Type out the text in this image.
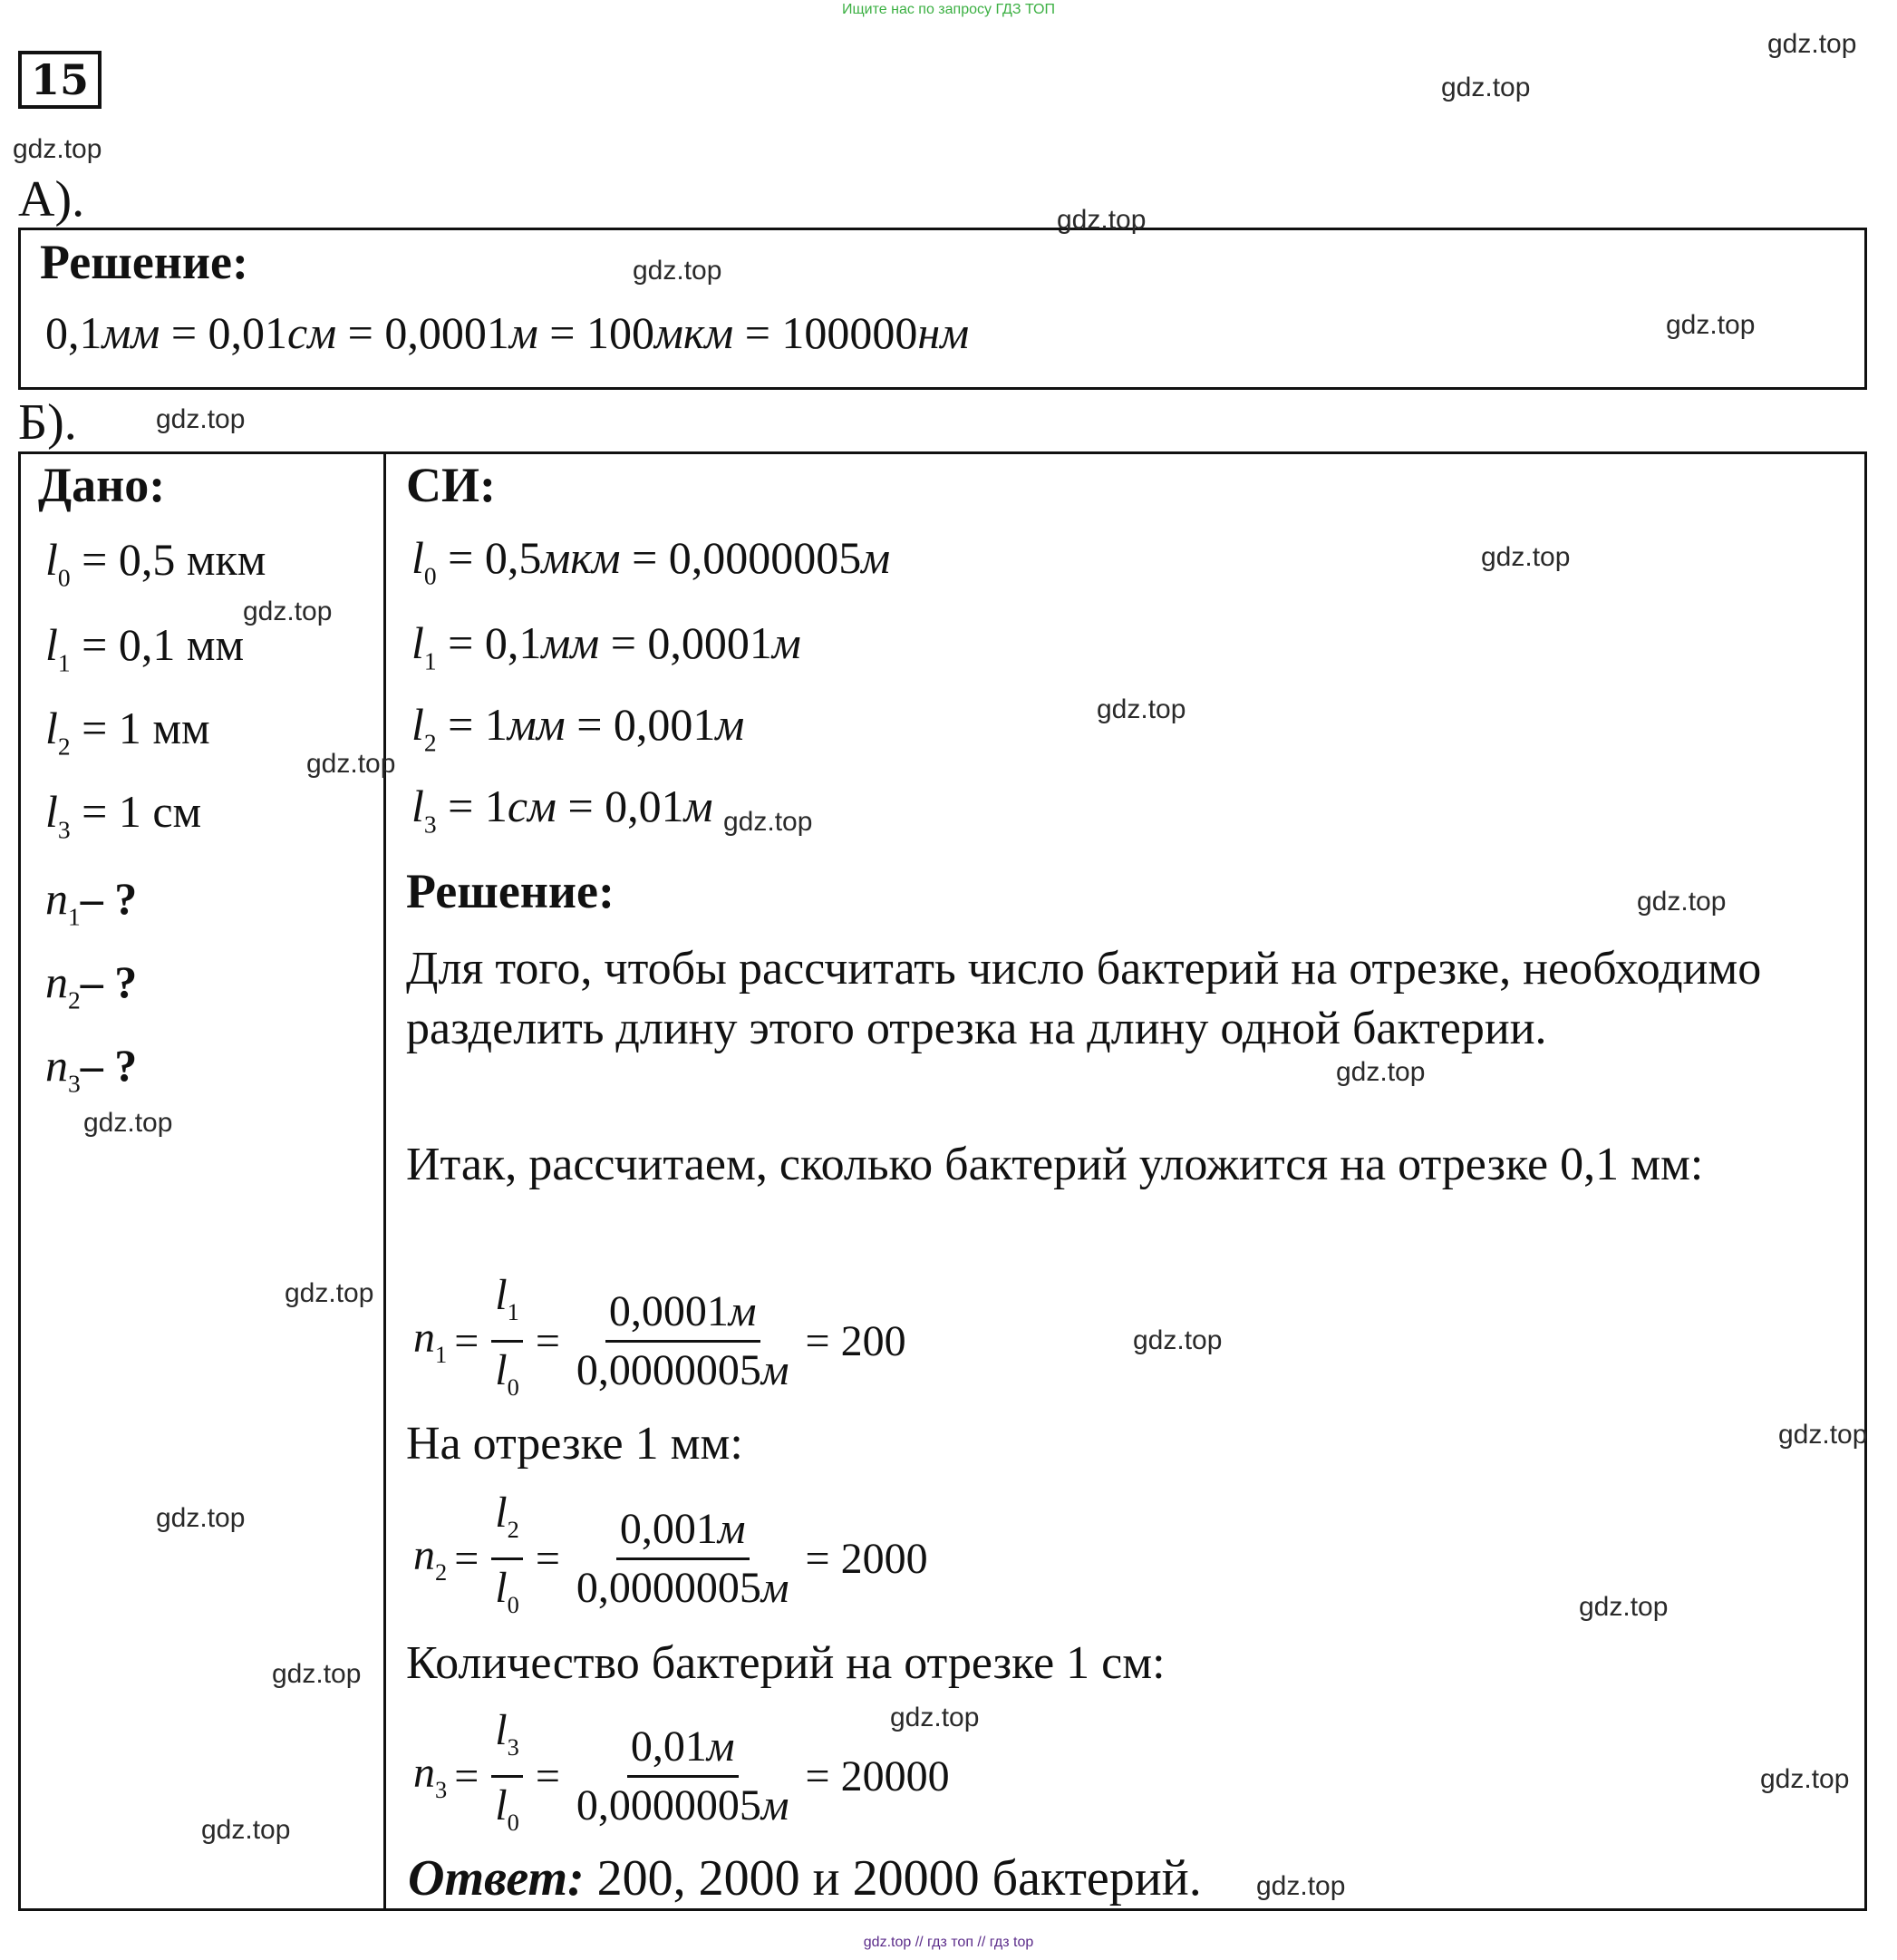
Ищите нас по запросу ГДЗ ТОП
15
А).
Решение:
0,1мм = 0,01см = 0,0001м = 100мкм = 100000нм
Б).
Дано:
$l_0 = 0,5$ мкм
$l_1 = 0,1$ мм
$l_2 = 1$ мм
$l_3 = 1$ см
$n_1-$ ?
$n_2-$ ?
$n_3-$ ?
СИ:
$l_0 = 0,5мкм = 0,0000005м$
$l_1 = 0,1мм = 0,0001м$
$l_2 = 1мм = 0,001м$
$l_3 = 1см = 0,01м$
Решение:
Для того, чтобы рассчитать число бактерий на отрезке, необходимо разделить длину этого отрезка на длину одной бактерии.
Итак, рассчитаем, сколько бактерий уложится на отрезке 0,1 мм:
$n_1 = \frac{l_1}{l_0} = \frac{0,0001м}{0,0000005м} = 200$
На отрезке 1 мм:
$n_2 = \frac{l_2}{l_0} = \frac{0,001м}{0,0000005м} = 2000$
Количество бактерий на отрезке 1 см:
$n_3 = \frac{l_3}{l_0} = \frac{0,01м}{0,0000005м} = 20000$
Ответ: 200, 2000 и 20000 бактерий.
gdz.top
gdz.top
gdz.top
gdz.top
gdz.top
gdz.top
gdz.top
gdz.top
gdz.top
gdz.top
gdz.top
gdz.top
gdz.top
gdz.top
gdz.top
gdz.top
gdz.top
gdz.top
gdz.top
gdz.top
gdz.top
gdz.top
gdz.top
gdz.top
gdz.top
gdz.top // гдз топ // гдз top
